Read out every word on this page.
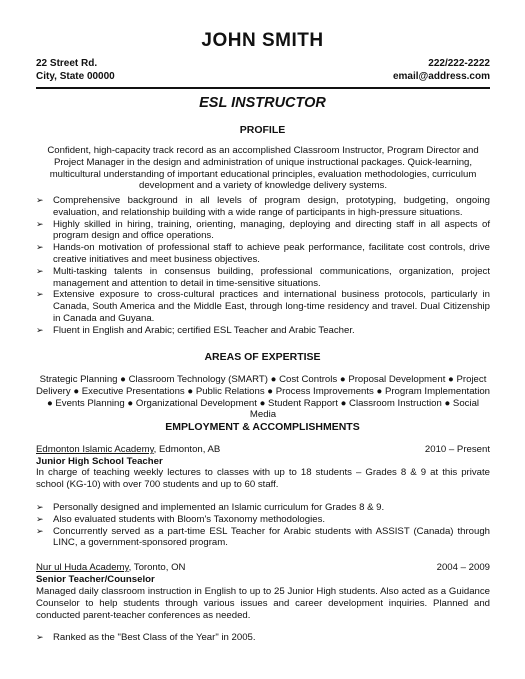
JOHN SMITH
22 Street Rd.	222/222-2222
City, State 00000	email@address.com
ESL INSTRUCTOR
PROFILE
Confident, high-capacity track record as an accomplished Classroom Instructor, Program Director and Project Manager in the design and administration of unique instructional packages. Quick-learning, multicultural understanding of important educational principles, evaluation methodologies, curriculum development and a variety of knowledge delivery systems.
➢ Comprehensive background in all levels of program design, prototyping, budgeting, ongoing evaluation, and relationship building with a wide range of participants in high-pressure situations.
➢ Highly skilled in hiring, training, orienting, managing, deploying and directing staff in all aspects of program design and office operations.
➢ Hands-on motivation of professional staff to achieve peak performance, facilitate cost controls, drive creative initiatives and meet business objectives.
➢ Multi-tasking talents in consensus building, professional communications, organization, project management and attention to detail in time-sensitive situations.
➢ Extensive exposure to cross-cultural practices and international business protocols, particularly in Canada, South America and the Middle East, through long-time residency and travel. Dual Citizenship in Canada and Guyana.
➢ Fluent in English and Arabic; certified ESL Teacher and Arabic Teacher.
AREAS OF EXPERTISE
Strategic Planning ● Classroom Technology (SMART) ● Cost Controls ● Proposal Development ● Project Delivery ● Executive Presentations ● Public Relations ● Process Improvements ● Program Implementation ● Events Planning ● Organizational Development ● Student Rapport ● Classroom Instruction ● Social Media
EMPLOYMENT & ACCOMPLISHMENTS
Edmonton Islamic Academy, Edmonton, AB	2010 – Present
Junior High School Teacher
In charge of teaching weekly lectures to classes with up to 18 students – Grades 8 & 9 at this private school (KG-10) with over 700 students and up to 60 staff.
➢ Personally designed and implemented an Islamic curriculum for Grades 8 & 9.
➢ Also evaluated students with Bloom's Taxonomy methodologies.
➢ Concurrently served as a part-time ESL Teacher for Arabic students with ASSIST (Canada) through LINC, a government-sponsored program.
Nur ul Huda Academy, Toronto, ON	2004 – 2009
Senior Teacher/Counselor
Managed daily classroom instruction in English to up to 25 Junior High students. Also acted as a Guidance Counselor to help students through various issues and career development inquiries. Planned and conducted parent-teacher conferences as needed.
➢ Ranked as the "Best Class of the Year" in 2005.
